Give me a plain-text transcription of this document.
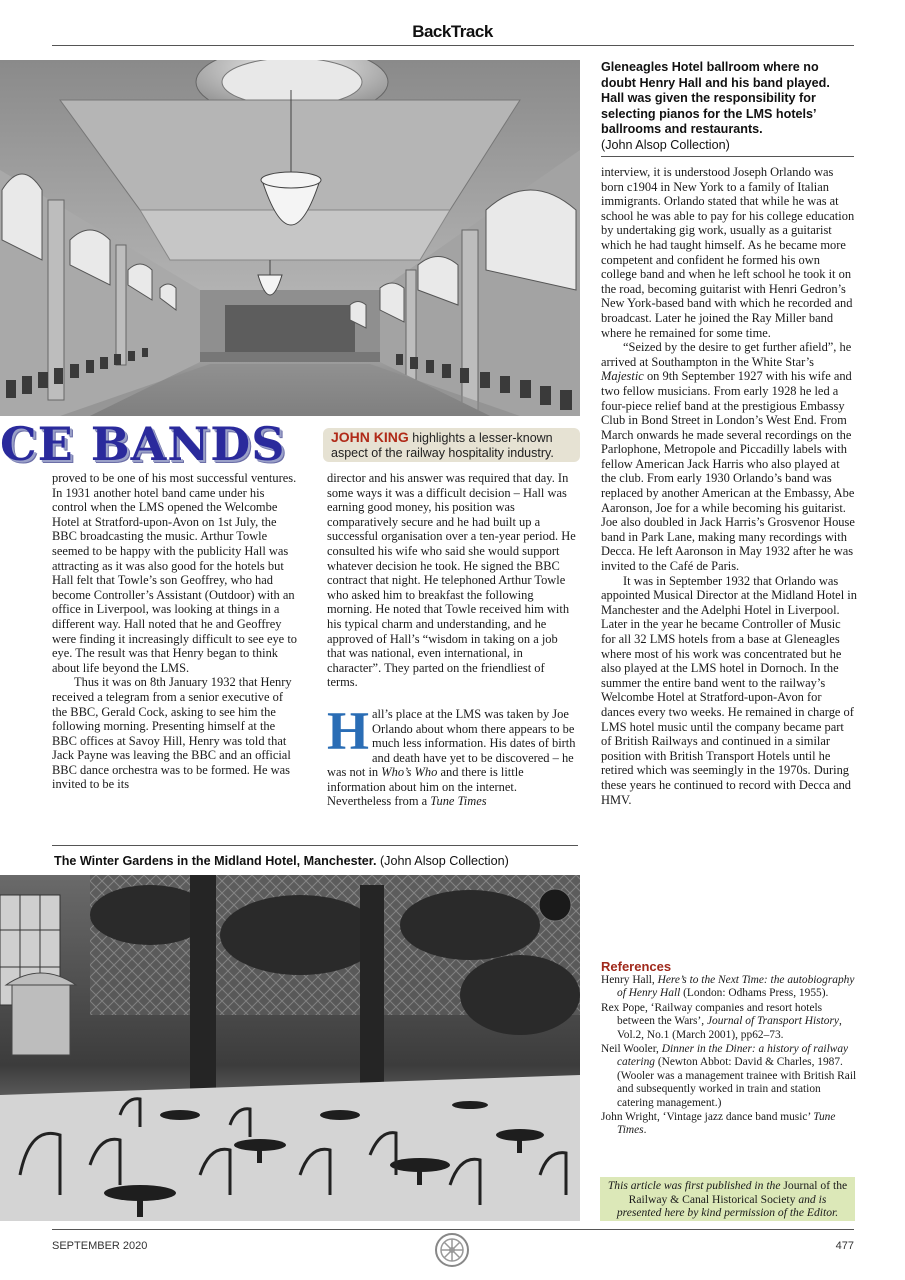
BackTrack
Gleneagles Hotel ballroom where no doubt Henry Hall and his band played. Hall was given the responsibility for selecting pianos for the LMS hotels’ ballrooms and restaurants.
(John Alsop Collection)
CE BANDS	JOHN KING highlights a lesser-known aspect of the railway hospitality industry.

proved to be one of his most successful ventures. In 1931 another hotel band came under his control when the LMS opened the Welcombe Hotel at Stratford-upon-Avon on 1st July, the BBC broadcasting the music. Arthur Towle seemed to be happy with the publicity Hall was attracting as it was also good for the hotels but Hall felt that Towle’s son Geoffrey, who had become Controller’s Assistant (Outdoor) with an office in Liverpool, was looking at things in a different way. Hall noted that he and Geoffrey were finding it increasingly difficult to see eye to eye. The result was that Henry began to think about life beyond the LMS.

Thus it was on 8th January 1932 that Henry received a telegram from a senior executive of the BBC, Gerald Cock, asking to see him the following morning. Presenting himself at the BBC offices at Savoy Hill, Henry was told that Jack Payne was leaving the BBC and an official BBC dance orchestra was to be formed. He was invited to be its

director and his answer was required that day. In some ways it was a difficult decision – Hall was earning good money, his position was comparatively secure and he had built up a successful organisation over a ten-year period. He consulted his wife who said she would support whatever decision he took. He signed the BBC contract that night. He telephoned Arthur Towle who asked him to breakfast the following morning. He noted that Towle received him with his typical charm and understanding, and he approved of Hall’s “wisdom in taking on a job that was national, even international, in character”. They parted on the friendliest of terms.

Hall’s place at the LMS was taken by Joe Orlando about whom there appears to be much less information. His dates of birth and death have yet to be discovered – he was not in Who’s Who and there is little information about him on the internet. Nevertheless from a Tune Times

The Winter Gardens in the Midland Hotel, Manchester. (John Alsop Collection)

interview, it is understood Joseph Orlando was born c1904 in New York to a family of Italian immigrants. Orlando stated that while he was at school he was able to pay for his college education by undertaking gig work, usually as a guitarist which he had taught himself. As he became more competent and confident he formed his own college band and when he left school he took it on the road, becoming guitarist with Henri Gedron’s New York-based band with which he recorded and broadcast. Later he joined the Ray Miller band where he remained for some time.

“Seized by the desire to get further afield”, he arrived at Southampton in the White Star’s Majestic on 9th September 1927 with his wife and two fellow musicians. From early 1928 he led a four-piece relief band at the prestigious Embassy Club in Bond Street in London’s West End. From March onwards he made several recordings on the Parlophone, Metropole and Piccadilly labels with fellow American Jack Harris who also played at the club. From early 1930 Orlando’s band was replaced by another American at the Embassy, Abe Aaronson, Joe for a while becoming his guitarist. Joe also doubled in Jack Harris’s Grosvenor House band in Park Lane, making many recordings with Decca. He left Aaronson in May 1932 after he was invited to the Café de Paris.

It was in September 1932 that Orlando was appointed Musical Director at the Midland Hotel in Manchester and the Adelphi Hotel in Liverpool. Later in the year he became Controller of Music for all 32 LMS hotels from a base at Gleneagles where most of his work was concentrated but he also played at the LMS hotel in Dornoch. In the summer the entire band went to the railway’s Welcombe Hotel at Stratford-upon-Avon for dances every two weeks. He remained in charge of LMS hotel music until the company became part of British Railways and continued in a similar position with British Transport Hotels until he retired which was seemingly in the 1970s. During these years he continued to record with Decca and HMV.

References
Henry Hall, Here’s to the Next Time: the autobiography of Henry Hall (London: Odhams Press, 1955).
Rex Pope, ‘Railway companies and resort hotels between the Wars’, Journal of Transport History, Vol.2, No.1 (March 2001), pp62–73.
Neil Wooler, Dinner in the Diner: a history of railway catering (Newton Abbot: David & Charles, 1987. (Wooler was a management trainee with British Rail and subsequently worked in train and station catering management.)
John Wright, ‘Vintage jazz dance band music’ Tune Times.
This article was first published in the Journal of the Railway & Canal Historical Society and is presented here by kind permission of the Editor.
SEPTEMBER 2020	477
